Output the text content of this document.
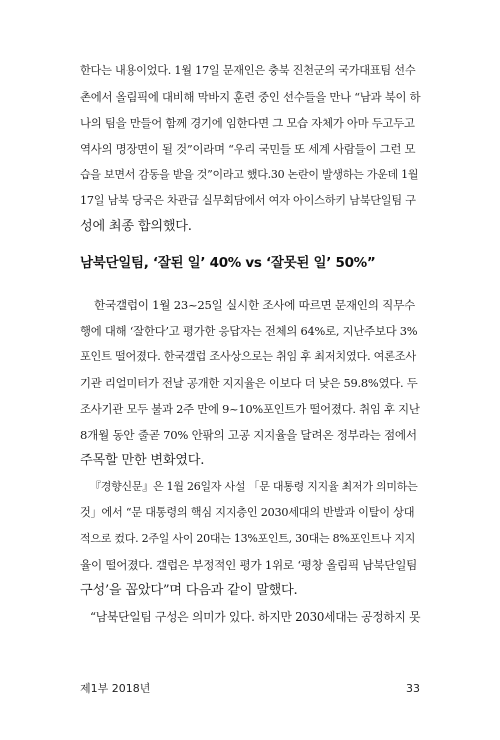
한다는 내용이었다. 1월 17일 문재인은 충북 진천군의 국가대표팀 선수
촌에서 올림픽에 대비해 막바지 훈련 중인 선수들을 만나 “남과 북이 하
나의 팀을 만들어 함께 경기에 임한다면 그 모습 자체가 아마 두고두고
역사의 명장면이 될 것”이라며 “우리 국민들 또 세계 사람들이 그런 모
습을 보면서 감동을 받을 것”이라고 했다.30 논란이 발생하는 가운데 1월
17일 남북 당국은 차관급 실무회담에서 여자 아이스하키 남북단일팀 구
성에 최종 합의했다.
남북단일팀, ‘잘된 일’ 40% vs ‘잘못된 일’ 50%”
한국갤럽이 1월 23~25일 실시한 조사에 따르면 문재인의 직무수
행에 대해 ‘잘한다’고 평가한 응답자는 전체의 64%로, 지난주보다 3%
포인트 떨어졌다. 한국갤럽 조사상으로는 취임 후 최저치였다. 여론조사
기관 리얼미터가 전날 공개한 지지율은 이보다 더 낮은 59.8%였다. 두
조사기관 모두 불과 2주 만에 9~10%포인트가 떨어졌다. 취임 후 지난
8개월 동안 줄곧 70% 안팎의 고공 지지율을 달려온 정부라는 점에서
주목할 만한 변화였다.
『경향신문』은 1월 26일자 사설 「문 대통령 지지율 최저가 의미하는
것」에서 “문 대통령의 핵심 지지층인 2030세대의 반발과 이탈이 상대
적으로 컸다. 2주일 사이 20대는 13%포인트, 30대는 8%포인트나 지지
율이 떨어졌다. 갤럽은 부정적인 평가 1위로 ‘평창 올림픽 남북단일팀
구성’을 꼽았다”며 다음과 같이 말했다.
“남북단일팀 구성은 의미가 있다. 하지만 2030세대는 공정하지 못
제1부 2018년	33
